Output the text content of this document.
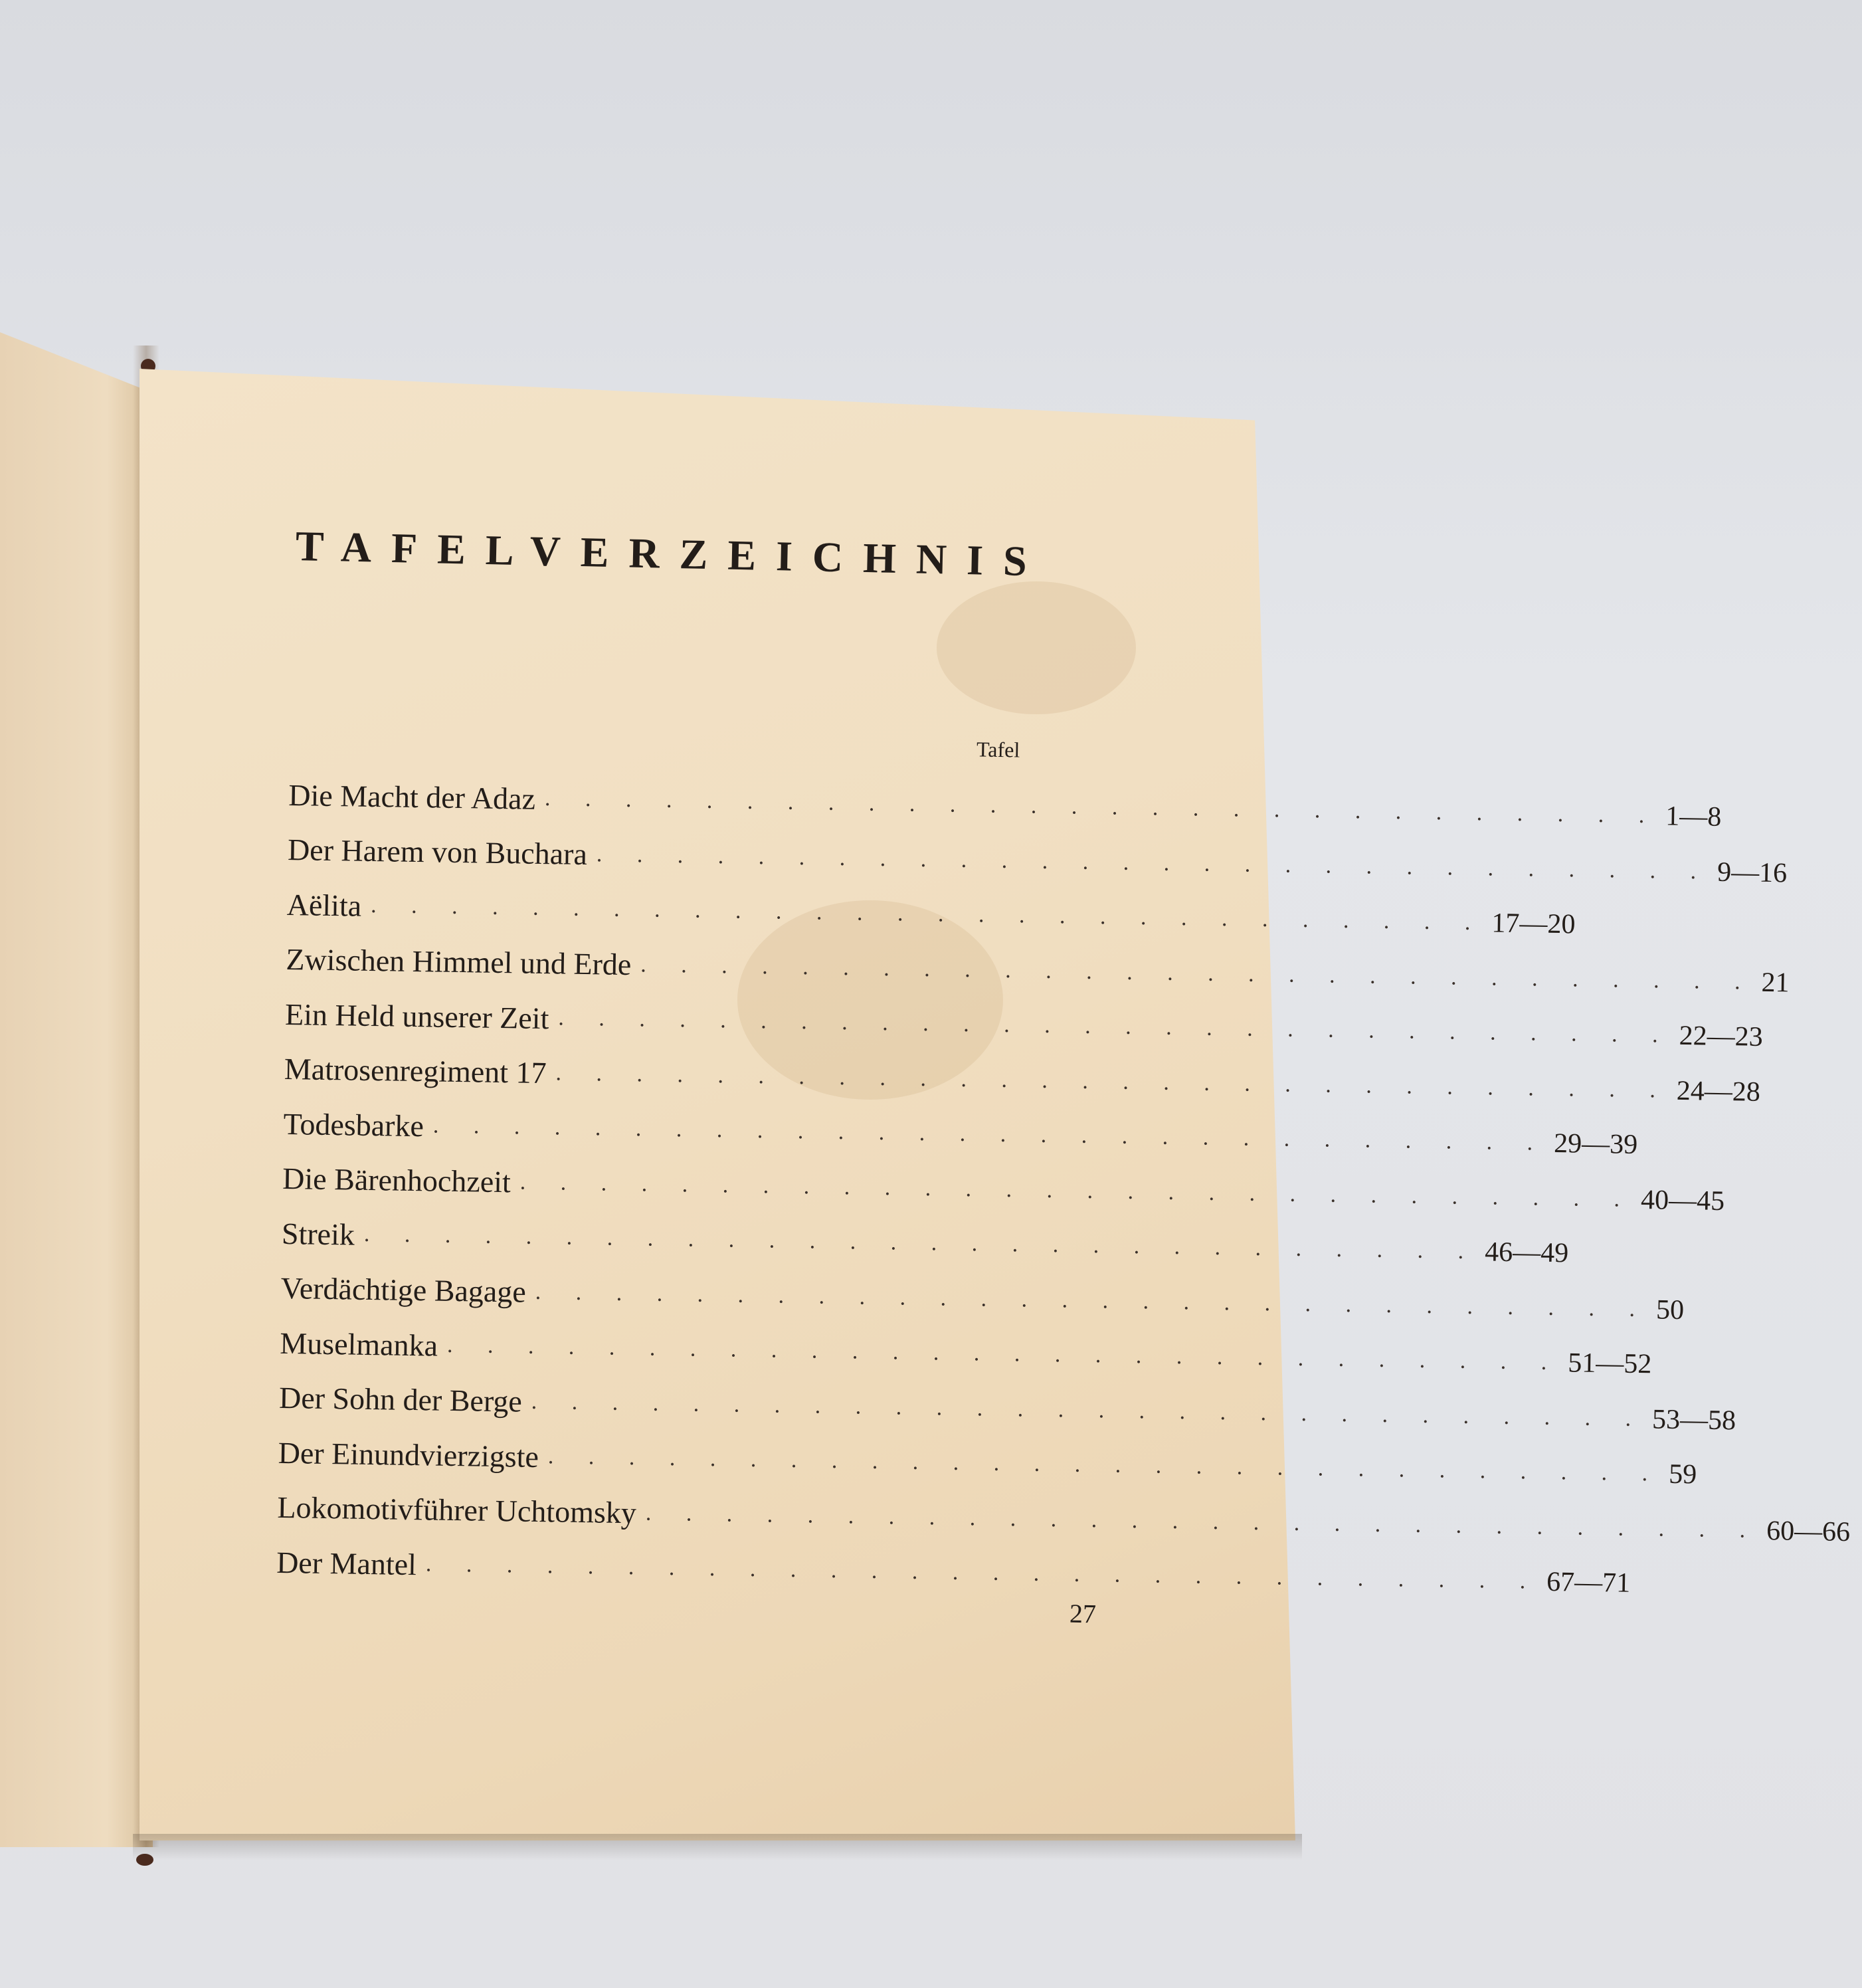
TAFELVERZEICHNIS
Tafel
Die Macht der Adaz . . . . . . . . . . . . . . . . . . . . . . . . . . . . 1—8
Der Harem von Buchara . . . . . . . . . . . . . . . . . . . . . . . . . . . . 9—16
Aëlita . . . . . . . . . . . . . . . . . . . . . . . . . . . . 17—20
Zwischen Himmel und Erde . . . . . . . . . . . . . . . . . . . . . . . . . . . . 21
Ein Held unserer Zeit . . . . . . . . . . . . . . . . . . . . . . . . . . . . 22—23
Matrosenregiment 17 . . . . . . . . . . . . . . . . . . . . . . . . . . . . 24—28
Todesbarke . . . . . . . . . . . . . . . . . . . . . . . . . . . . 29—39
Die Bärenhochzeit . . . . . . . . . . . . . . . . . . . . . . . . . . . . 40—45
Streik . . . . . . . . . . . . . . . . . . . . . . . . . . . . 46—49
Verdächtige Bagage . . . . . . . . . . . . . . . . . . . . . . . . . . . . 50
Muselmanka . . . . . . . . . . . . . . . . . . . . . . . . . . . . 51—52
Der Sohn der Berge . . . . . . . . . . . . . . . . . . . . . . . . . . . . 53—58
Der Einundvierzigste . . . . . . . . . . . . . . . . . . . . . . . . . . . . 59
Lokomotivführer Uchtomsky . . . . . . . . . . . . . . . . . . . . . . . . . . . . 60—66
Der Mantel . . . . . . . . . . . . . . . . . . . . . . . . . . . . 67—71
27
